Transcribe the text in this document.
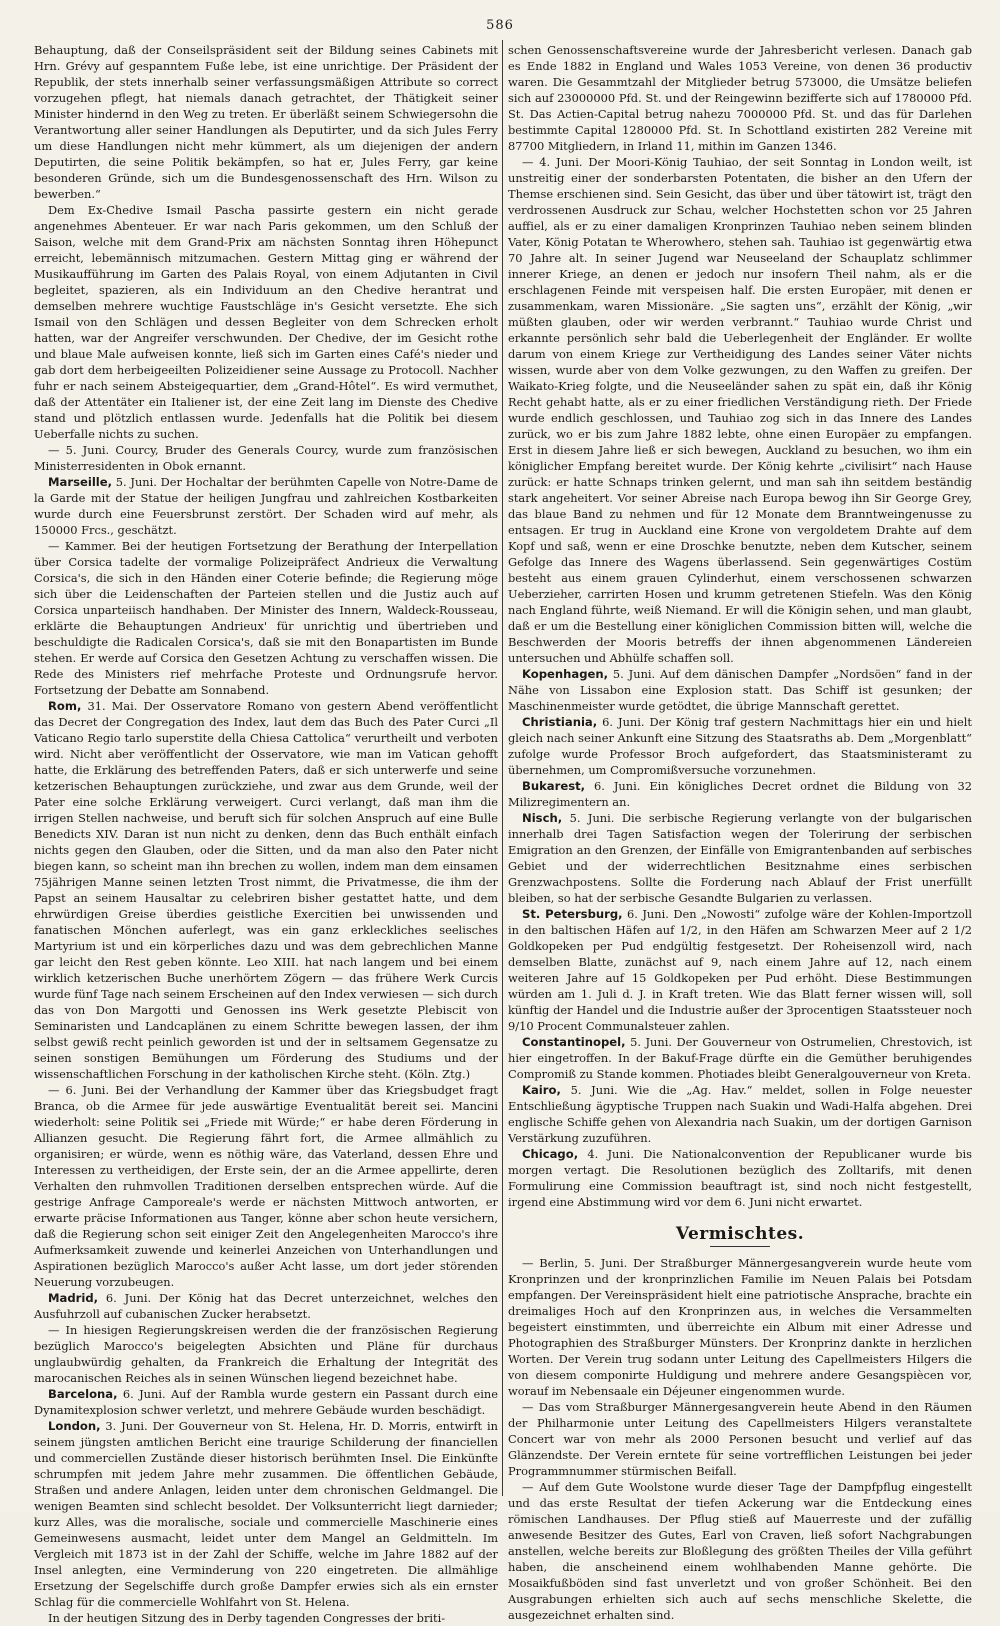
586

Behauptung, daß der Conseilspräsident seit der Bildung seines Cabinets mit Hrn. Grévy auf gespanntem Fuße lebe, ist eine unrichtige. Der Präsident der Republik, der stets innerhalb seiner verfassungsmäßigen Attribute so correct vorzugehen pflegt, hat niemals danach getrachtet, der Thätigkeit seiner Minister hindernd in den Weg zu treten. Er überläßt seinem Schwiegersohn die Verantwortung aller seiner Handlungen als Deputirter, und da sich Jules Ferry um diese Handlungen nicht mehr kümmert, als um diejenigen der andern Deputirten, die seine Politik bekämpfen, so hat er, Jules Ferry, gar keine besonderen Gründe, sich um die Bundesgenossenschaft des Hrn. Wilson zu bewerben.“

Dem Ex-Chedive Ismail Pascha passirte gestern ein nicht gerade angenehmes Abenteuer. Er war nach Paris gekommen, um den Schluß der Saison, welche mit dem Grand-Prix am nächsten Sonntag ihren Höhepunct erreicht, lebemännisch mitzumachen. Gestern Mittag ging er während der Musikaufführung im Garten des Palais Royal, von einem Adjutanten in Civil begleitet, spazieren, als ein Individuum an den Chedive herantrat und demselben mehrere wuchtige Faustschläge in's Gesicht versetzte. Ehe sich Ismail von den Schlägen und dessen Begleiter von dem Schrecken erholt hatten, war der Angreifer verschwunden. Der Chedive, der im Gesicht rothe und blaue Male aufweisen konnte, ließ sich im Garten eines Café's nieder und gab dort dem herbeigeeilten Polizeidiener seine Aussage zu Protocoll. Nachher fuhr er nach seinem Absteigequartier, dem „Grand-Hôtel“. Es wird vermuthet, daß der Attentäter ein Italiener ist, der eine Zeit lang im Dienste des Chedive stand und plötzlich entlassen wurde. Jedenfalls hat die Politik bei diesem Ueberfalle nichts zu suchen.

— 5. Juni. Courcy, Bruder des Generals Courcy, wurde zum französischen Ministerresidenten in Obok ernannt.

Marseille, 5. Juni. Der Hochaltar der berühmten Capelle von Notre-Dame de la Garde mit der Statue der heiligen Jungfrau und zahlreichen Kostbarkeiten wurde durch eine Feuersbrunst zerstört. Der Schaden wird auf mehr, als 150000 Frcs., geschätzt.

— Kammer. Bei der heutigen Fortsetzung der Berathung der Interpellation über Corsica tadelte der vormalige Polizeipräfect Andrieux die Verwaltung Corsica's, die sich in den Händen einer Coterie befinde; die Regierung möge sich über die Leidenschaften der Parteien stellen und die Justiz auch auf Corsica unparteiisch handhaben. Der Minister des Innern, Waldeck-Rousseau, erklärte die Behauptungen Andrieux' für unrichtig und übertrieben und beschuldigte die Radicalen Corsica's, daß sie mit den Bonapartisten im Bunde stehen. Er werde auf Corsica den Gesetzen Achtung zu verschaffen wissen. Die Rede des Ministers rief mehrfache Proteste und Ordnungsrufe hervor. Fortsetzung der Debatte am Sonnabend.

Rom, 31. Mai. Der Osservatore Romano von gestern Abend veröffentlicht das Decret der Congregation des Index, laut dem das Buch des Pater Curci „Il Vaticano Regio tarlo superstite della Chiesa Cattolica“ verurtheilt und verboten wird. Nicht aber veröffentlicht der Osservatore, wie man im Vatican gehofft hatte, die Erklärung des betreffenden Paters, daß er sich unterwerfe und seine ketzerischen Behauptungen zurückziehe, und zwar aus dem Grunde, weil der Pater eine solche Erklärung verweigert. Curci verlangt, daß man ihm die irrigen Stellen nachweise, und beruft sich für solchen Anspruch auf eine Bulle Benedicts XIV. Daran ist nun nicht zu denken, denn das Buch enthält einfach nichts gegen den Glauben, oder die Sitten, und da man also den Pater nicht biegen kann, so scheint man ihn brechen zu wollen, indem man dem einsamen 75jährigen Manne seinen letzten Trost nimmt, die Privatmesse, die ihm der Papst an seinem Hausaltar zu celebriren bisher gestattet hatte, und dem ehrwürdigen Greise überdies geistliche Exercitien bei unwissenden und fanatischen Mönchen auferlegt, was ein ganz erkleckliches seelisches Martyrium ist und ein körperliches dazu und was dem gebrechlichen Manne gar leicht den Rest geben könnte. Leo XIII. hat nach langem und bei einem wirklich ketzerischen Buche unerhörtem Zögern — das frühere Werk Curcis wurde fünf Tage nach seinem Erscheinen auf den Index verwiesen — sich durch das von Don Margotti und Genossen ins Werk gesetzte Plebiscit von Seminaristen und Landcaplänen zu einem Schritte bewegen lassen, der ihm selbst gewiß recht peinlich geworden ist und der in seltsamem Gegensatze zu seinen sonstigen Bemühungen um Förderung des Studiums und der wissenschaftlichen Forschung in der katholischen Kirche steht. (Köln. Ztg.)

— 6. Juni. Bei der Verhandlung der Kammer über das Kriegsbudget fragt Branca, ob die Armee für jede auswärtige Eventualität bereit sei. Mancini wiederholt: seine Politik sei „Friede mit Würde;“ er habe deren Förderung in Allianzen gesucht. Die Regierung fährt fort, die Armee allmählich zu organisiren; er würde, wenn es nöthig wäre, das Vaterland, dessen Ehre und Interessen zu vertheidigen, der Erste sein, der an die Armee appellirte, deren Verhalten den ruhmvollen Traditionen derselben entsprechen würde. Auf die gestrige Anfrage Camporeale's werde er nächsten Mittwoch antworten, er erwarte präcise Informationen aus Tanger, könne aber schon heute versichern, daß die Regierung schon seit einiger Zeit den Angelegenheiten Marocco's ihre Aufmerksamkeit zuwende und keinerlei Anzeichen von Unterhandlungen und Aspirationen bezüglich Marocco's außer Acht lasse, um dort jeder störenden Neuerung vorzubeugen.

Madrid, 6. Juni. Der König hat das Decret unterzeichnet, welches den Ausfuhrzoll auf cubanischen Zucker herabsetzt.

— In hiesigen Regierungskreisen werden die der französischen Regierung bezüglich Marocco's beigelegten Absichten und Pläne für durchaus unglaubwürdig gehalten, da Frankreich die Erhaltung der Integrität des marocanischen Reiches als in seinen Wünschen liegend bezeichnet habe.

Barcelona, 6. Juni. Auf der Rambla wurde gestern ein Passant durch eine Dynamitexplosion schwer verletzt, und mehrere Gebäude wurden beschädigt.

London, 3. Juni. Der Gouverneur von St. Helena, Hr. D. Morris, entwirft in seinem jüngsten amtlichen Bericht eine traurige Schilderung der financiellen und commerciellen Zustände dieser historisch berühmten Insel. Die Einkünfte schrumpfen mit jedem Jahre mehr zusammen. Die öffentlichen Gebäude, Straßen und andere Anlagen, leiden unter dem chronischen Geldmangel. Die wenigen Beamten sind schlecht besoldet. Der Volksunterricht liegt darnieder; kurz Alles, was die moralische, sociale und commercielle Maschinerie eines Gemeinwesens ausmacht, leidet unter dem Mangel an Geldmitteln. Im Vergleich mit 1873 ist in der Zahl der Schiffe, welche im Jahre 1882 auf der Insel anlegten, eine Verminderung von 220 eingetreten. Die allmählige Ersetzung der Segelschiffe durch große Dampfer erwies sich als ein ernster Schlag für die commercielle Wohlfahrt von St. Helena.

In der heutigen Sitzung des in Derby tagenden Congresses der briti-

schen Genossenschaftsvereine wurde der Jahresbericht verlesen. Danach gab es Ende 1882 in England und Wales 1053 Vereine, von denen 36 productiv waren. Die Gesammtzahl der Mitglieder betrug 573000, die Umsätze beliefen sich auf 23000000 Pfd. St. und der Reingewinn bezifferte sich auf 1780000 Pfd. St. Das Actien-Capital betrug nahezu 7000000 Pfd. St. und das für Darlehen bestimmte Capital 1280000 Pfd. St. In Schottland existirten 282 Vereine mit 87700 Mitgliedern, in Irland 11, mithin im Ganzen 1346.

— 4. Juni. Der Moori-König Tauhiao, der seit Sonntag in London weilt, ist unstreitig einer der sonderbarsten Potentaten, die bisher an den Ufern der Themse erschienen sind. Sein Gesicht, das über und über tätowirt ist, trägt den verdrossenen Ausdruck zur Schau, welcher Hochstetten schon vor 25 Jahren auffiel, als er zu einer damaligen Kronprinzen Tauhiao neben seinem blinden Vater, König Potatan te Wherowhero, stehen sah. Tauhiao ist gegenwärtig etwa 70 Jahre alt. In seiner Jugend war Neuseeland der Schauplatz schlimmer innerer Kriege, an denen er jedoch nur insofern Theil nahm, als er die erschlagenen Feinde mit verspeisen half. Die ersten Europäer, mit denen er zusammenkam, waren Missionäre. „Sie sagten uns“, erzählt der König, „wir müßten glauben, oder wir werden verbrannt.“ Tauhiao wurde Christ und erkannte persönlich sehr bald die Ueberlegenheit der Engländer. Er wollte darum von einem Kriege zur Vertheidigung des Landes seiner Väter nichts wissen, wurde aber von dem Volke gezwungen, zu den Waffen zu greifen. Der Waikato-Krieg folgte, und die Neuseeländer sahen zu spät ein, daß ihr König Recht gehabt hatte, als er zu einer friedlichen Verständigung rieth. Der Friede wurde endlich geschlossen, und Tauhiao zog sich in das Innere des Landes zurück, wo er bis zum Jahre 1882 lebte, ohne einen Europäer zu empfangen. Erst in diesem Jahre ließ er sich bewegen, Auckland zu besuchen, wo ihm ein königlicher Empfang bereitet wurde. Der König kehrte „civilisirt“ nach Hause zurück: er hatte Schnaps trinken gelernt, und man sah ihn seitdem beständig stark angeheitert. Vor seiner Abreise nach Europa bewog ihn Sir George Grey, das blaue Band zu nehmen und für 12 Monate dem Branntweingenusse zu entsagen. Er trug in Auckland eine Krone von vergoldetem Drahte auf dem Kopf und saß, wenn er eine Droschke benutzte, neben dem Kutscher, seinem Gefolge das Innere des Wagens überlassend. Sein gegenwärtiges Costüm besteht aus einem grauen Cylinderhut, einem verschossenen schwarzen Ueberzieher, carrirten Hosen und krumm getretenen Stiefeln. Was den König nach England führte, weiß Niemand. Er will die Königin sehen, und man glaubt, daß er um die Bestellung einer königlichen Commission bitten will, welche die Beschwerden der Mooris betreffs der ihnen abgenommenen Ländereien untersuchen und Abhülfe schaffen soll.

Kopenhagen, 5. Juni. Auf dem dänischen Dampfer „Nordsöen“ fand in der Nähe von Lissabon eine Explosion statt. Das Schiff ist gesunken; der Maschinenmeister wurde getödtet, die übrige Mannschaft gerettet.

Christiania, 6. Juni. Der König traf gestern Nachmittags hier ein und hielt gleich nach seiner Ankunft eine Sitzung des Staatsraths ab. Dem „Morgenblatt“ zufolge wurde Professor Broch aufgefordert, das Staatsministeramt zu übernehmen, um Compromißversuche vorzunehmen.

Bukarest, 6. Juni. Ein königliches Decret ordnet die Bildung von 32 Milizregimentern an.

Nisch, 5. Juni. Die serbische Regierung verlangte von der bulgarischen innerhalb drei Tagen Satisfaction wegen der Tolerirung der serbischen Emigration an den Grenzen, der Einfälle von Emigrantenbanden auf serbisches Gebiet und der widerrechtlichen Besitznahme eines serbischen Grenzwachpostens. Sollte die Forderung nach Ablauf der Frist unerfüllt bleiben, so hat der serbische Gesandte Bulgarien zu verlassen.

St. Petersburg, 6. Juni. Den „Nowosti“ zufolge wäre der Kohlen-Importzoll in den baltischen Häfen auf 1/2, in den Häfen am Schwarzen Meer auf 2 1/2 Goldkopeken per Pud endgültig festgesetzt. Der Roheisenzoll wird, nach demselben Blatte, zunächst auf 9, nach einem Jahre auf 12, nach einem weiteren Jahre auf 15 Goldkopeken per Pud erhöht. Diese Bestimmungen würden am 1. Juli d. J. in Kraft treten. Wie das Blatt ferner wissen will, soll künftig der Handel und die Industrie außer der 3procentigen Staatssteuer noch 9/10 Procent Communalsteuer zahlen.

Constantinopel, 5. Juni. Der Gouverneur von Ostrumelien, Chrestovich, ist hier eingetroffen. In der Bakuf-Frage dürfte ein die Gemüther beruhigendes Compromiß zu Stande kommen. Photiades bleibt Generalgouverneur von Kreta.

Kairo, 5. Juni. Wie die „Ag. Hav.“ meldet, sollen in Folge neuester Entschließung ägyptische Truppen nach Suakin und Wadi-Halfa abgehen. Drei englische Schiffe gehen von Alexandria nach Suakin, um der dortigen Garnison Verstärkung zuzuführen.

Chicago, 4. Juni. Die Nationalconvention der Republicaner wurde bis morgen vertagt. Die Resolutionen bezüglich des Zolltarifs, mit denen Formulirung eine Commission beauftragt ist, sind noch nicht festgestellt, irgend eine Abstimmung wird vor dem 6. Juni nicht erwartet.

Vermischtes.

— Berlin, 5. Juni. Der Straßburger Männergesangverein wurde heute vom Kronprinzen und der kronprinzlichen Familie im Neuen Palais bei Potsdam empfangen. Der Vereinspräsident hielt eine patriotische Ansprache, brachte ein dreimaliges Hoch auf den Kronprinzen aus, in welches die Versammelten begeistert einstimmten, und überreichte ein Album mit einer Adresse und Photographien des Straßburger Münsters. Der Kronprinz dankte in herzlichen Worten. Der Verein trug sodann unter Leitung des Capellmeisters Hilgers die von diesem componirte Huldigung und mehrere andere Gesangspiècen vor, worauf im Nebensaale ein Déjeuner eingenommen wurde.

— Das vom Straßburger Männergesangverein heute Abend in den Räumen der Philharmonie unter Leitung des Capellmeisters Hilgers veranstaltete Concert war von mehr als 2000 Personen besucht und verlief auf das Glänzendste. Der Verein erntete für seine vortrefflichen Leistungen bei jeder Programmnummer stürmischen Beifall.

— Auf dem Gute Woolstone wurde dieser Tage der Dampfpflug eingestellt und das erste Resultat der tiefen Ackerung war die Entdeckung eines römischen Landhauses. Der Pflug stieß auf Mauerreste und der zufällig anwesende Besitzer des Gutes, Earl von Craven, ließ sofort Nachgrabungen anstellen, welche bereits zur Bloßlegung des größten Theiles der Villa geführt haben, die anscheinend einem wohlhabenden Manne gehörte. Die Mosaikfußböden sind fast unverletzt und von großer Schönheit. Bei den Ausgrabungen erhielten sich auch auf sechs menschliche Skelette, die ausgezeichnet erhalten sind.
